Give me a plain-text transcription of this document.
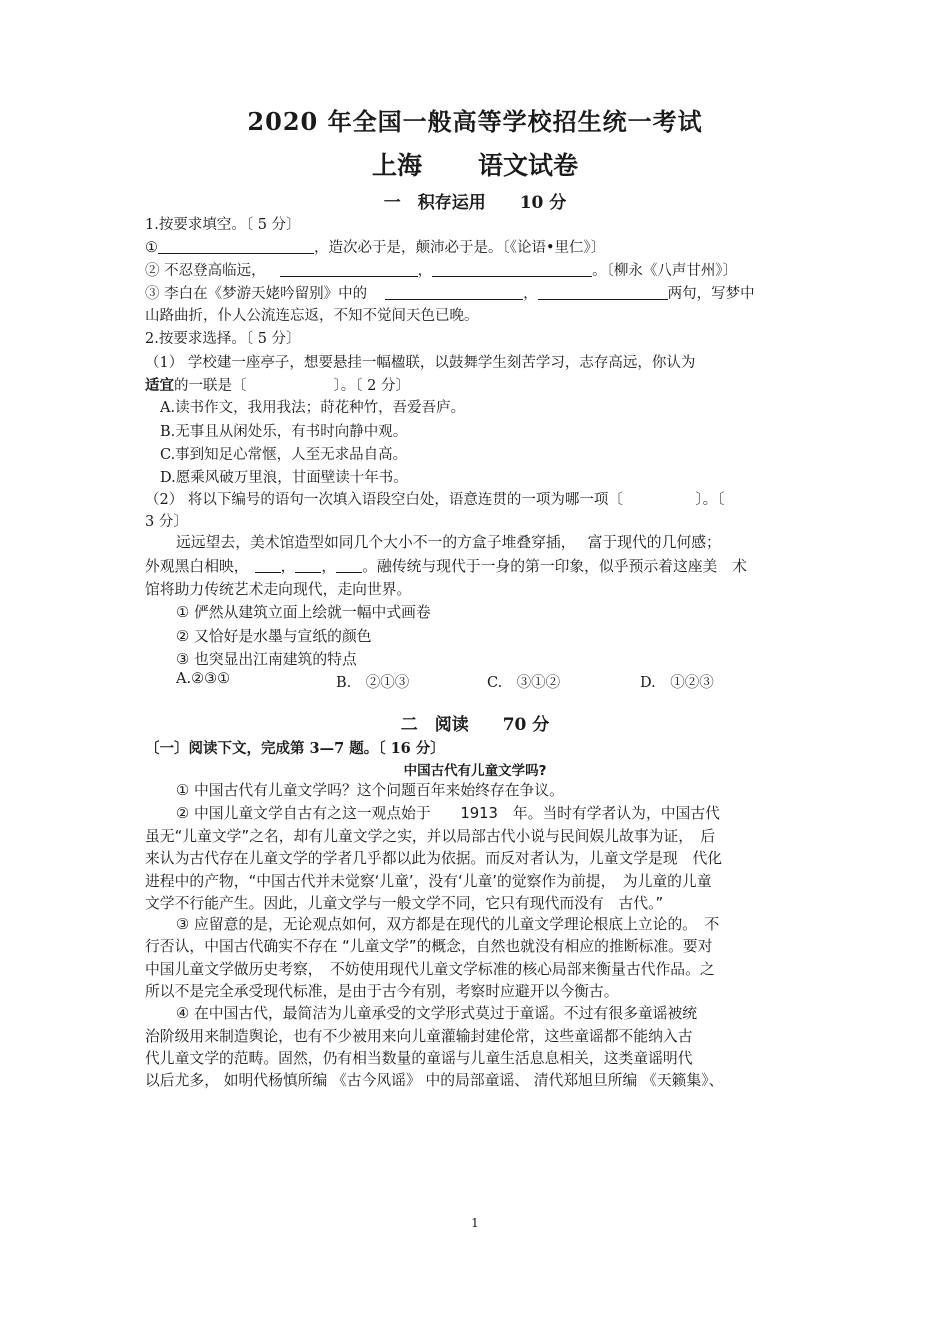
2020 年全国一般高等学校招生统一考试
上海 语文试卷
一　积存运用　　10 分
1.按要求填空。〔 5 分〕
①	，造次必于是，颠沛必于是。〔《论语•里仁》〕
② 不忍登高临远，	，	。〔柳永《八声甘州》〕
③ 李白在《梦游天姥吟留别》中的	，	两句，写梦中
山路曲折，仆人公流连忘返，不知不觉间天色已晚。
2.按要求选择。〔 5 分〕
（1） 学校建一座亭子，想要悬挂一幅楹联，以鼓舞学生刻苦学习，志存高远，你认为
适宜的一联是〔　　　　　　〕。〔 2 分〕
A.读书作文，我用我法；莳花种竹，吾爱吾庐。
B.无事且从闲处乐，有书时向静中观。
C.事到知足心常惬，人至无求品自高。
D.愿乘风破万里浪，甘面壁读十年书。
（2） 将以下编号的语句一次填入语段空白处，语意连贯的一项为哪一项〔　　　　　〕。〔
3 分〕
远远望去，美术馆造型如同几个大小不一的方盒子堆叠穿插，　 富于现代的几何感；
外观黑白相映， ， ， 。融传统与现代于一身的第一印象，似乎预示着这座美　术
馆将助力传统艺术走向现代，走向世界。
① 俨然从建筑立面上绘就一幅中式画卷
② 又恰好是水墨与宣纸的颜色
③ 也突显出江南建筑的特点
A.②③①	B.　②①③	C.　③①②	D.　①②③
二　阅读　　70 分
〔一〕阅读下文，完成第 3—7 题。〔 16 分〕
中国古代有儿童文学吗?
① 中国古代有儿童文学吗？这个问题百年来始终存在争议。
② 中国儿童文学自古有之这一观点始于　　1913　年。当时有学者认为，中国古代
虽无“儿童文学”之名，却有儿童文学之实，并以局部古代小说与民间娱儿故事为证，　后
来认为古代存在儿童文学的学者几乎都以此为依据。而反对者认为，儿童文学是现　代化
进程中的产物，“中国古代并未觉察‘儿童’，没有‘儿童’的觉察作为前提，　为儿童的儿童
文学不行能产生。因此，儿童文学与一般文学不同，它只有现代而没有　古代。”
③ 应留意的是，无论观点如何，双方都是在现代的儿童文学理论根底上立论的。　不
行否认，中国古代确实不存在 “儿童文学”的概念，自然也就没有相应的推断标准。要对
中国儿童文学做历史考察，　不妨使用现代儿童文学标准的核心局部来衡量古代作品。之
所以不是完全承受现代标准，是由于古今有别，考察时应避开以今衡古。
④ 在中国古代，最简洁为儿童承受的文学形式莫过于童谣。不过有很多童谣被统
治阶级用来制造舆论，也有不少被用来向儿童灌输封建伦常，这些童谣都不能纳入古
代儿童文学的范畴。固然，仍有相当数量的童谣与儿童生活息息相关，这类童谣明代
以后尤多， 如明代杨慎所编 《古今风谣》 中的局部童谣、 清代郑旭旦所编 《天籁集》、
1
